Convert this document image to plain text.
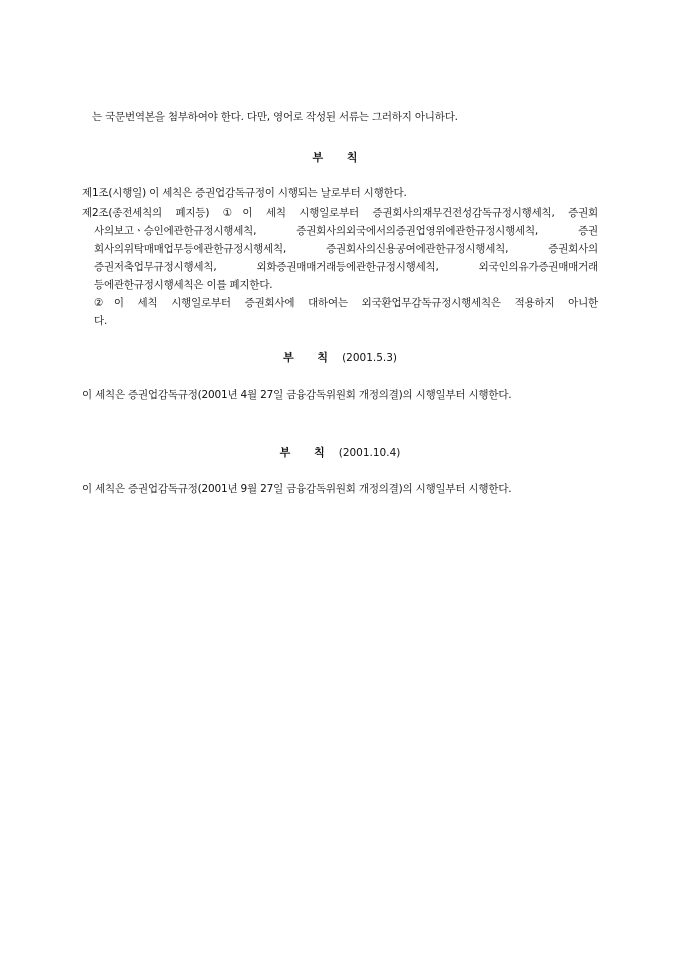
는 국문번역본을 첨부하여야 한다. 다만, 영어로 작성된 서류는 그러하지 아니하다.
부 칙
제1조(시행일) 이 세칙은 증권업감독규정이 시행되는 날로부터 시행한다.
제2조(종전세칙의 폐지등) ①이 세칙 시행일로부터 증권회사의재무건전성감독규정시행세칙, 증권회
사의보고ㆍ승인에관한규정시행세칙, 증권회사의외국에서의증권업영위에관한규정시행세칙, 증권
회사의위탁매매업무등에관한규정시행세칙, 증권회사의신용공여에관한규정시행세칙, 증권회사의
증권저축업무규정시행세칙, 외화증권매매거래등에관한규정시행세칙, 외국인의유가증권매매거래
등에관한규정시행세칙은 이를 폐지한다.
②이 세칙 시행일로부터 증권회사에 대하여는 외국환업무감독규정시행세칙은 적용하지 아니한
다.
부 칙 (2001.5.3)
이 세칙은 증권업감독규정(2001년 4월 27일 금융감독위원회 개정의결)의 시행일부터 시행한다.
부 칙 (2001.10.4)
이 세칙은 증권업감독규정(2001년 9월 27일 금융감독위원회 개정의결)의 시행일부터 시행한다.
